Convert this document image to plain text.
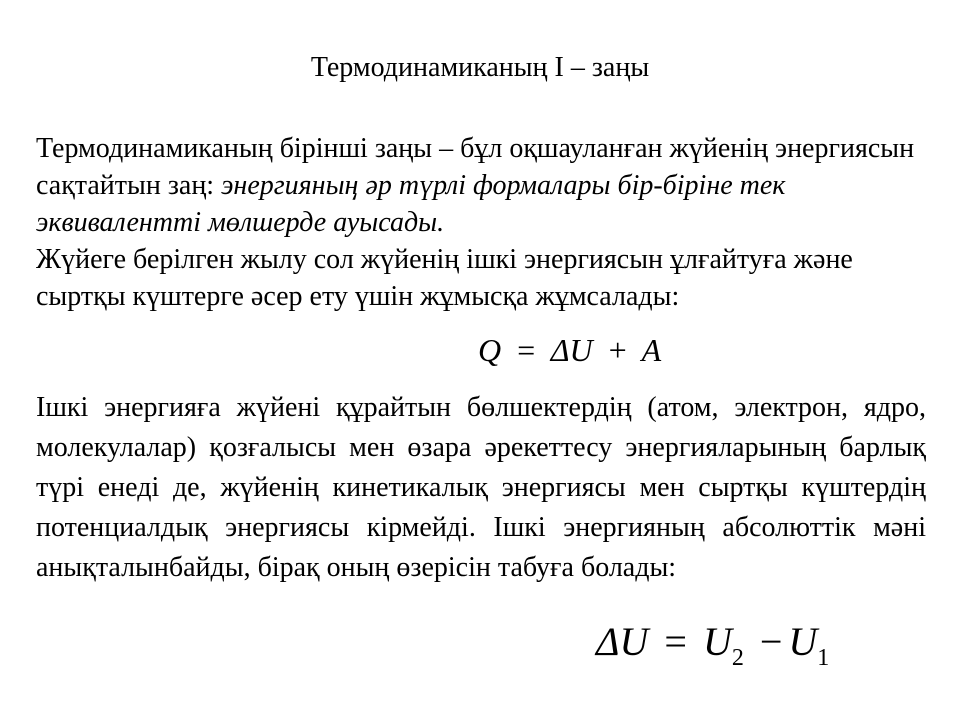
Термодинамиканың I – заңы

Термодинамиканың бірінші заңы – бұл оқшауланған жүйенің энергиясын сақтайтын заң: энергияның әр түрлі формалары бір-біріне тек эквивалентті мөлшерде ауысады.

Жүйеге берілген жылу сол жүйенің ішкі энергиясын ұлғайтуға және сыртқы күштерге әсер ету үшін жұмысқа жұмсалады:

Q = ΔU + A

Ішкі энергияға жүйені құрайтын бөлшектердің (атом, электрон, ядро, молекулалар) қозғалысы мен өзара әрекеттесу энергияларының барлық түрі енеді де, жүйенің кинетикалық энергиясы мен сыртқы күштердің потенциалдық энергиясы кірмейді. Ішкі энергияның абсолюттік мәні анықталынбайды, бірақ оның өзерісін табуға болады:

$\Delta U = U_2 - U_1$
